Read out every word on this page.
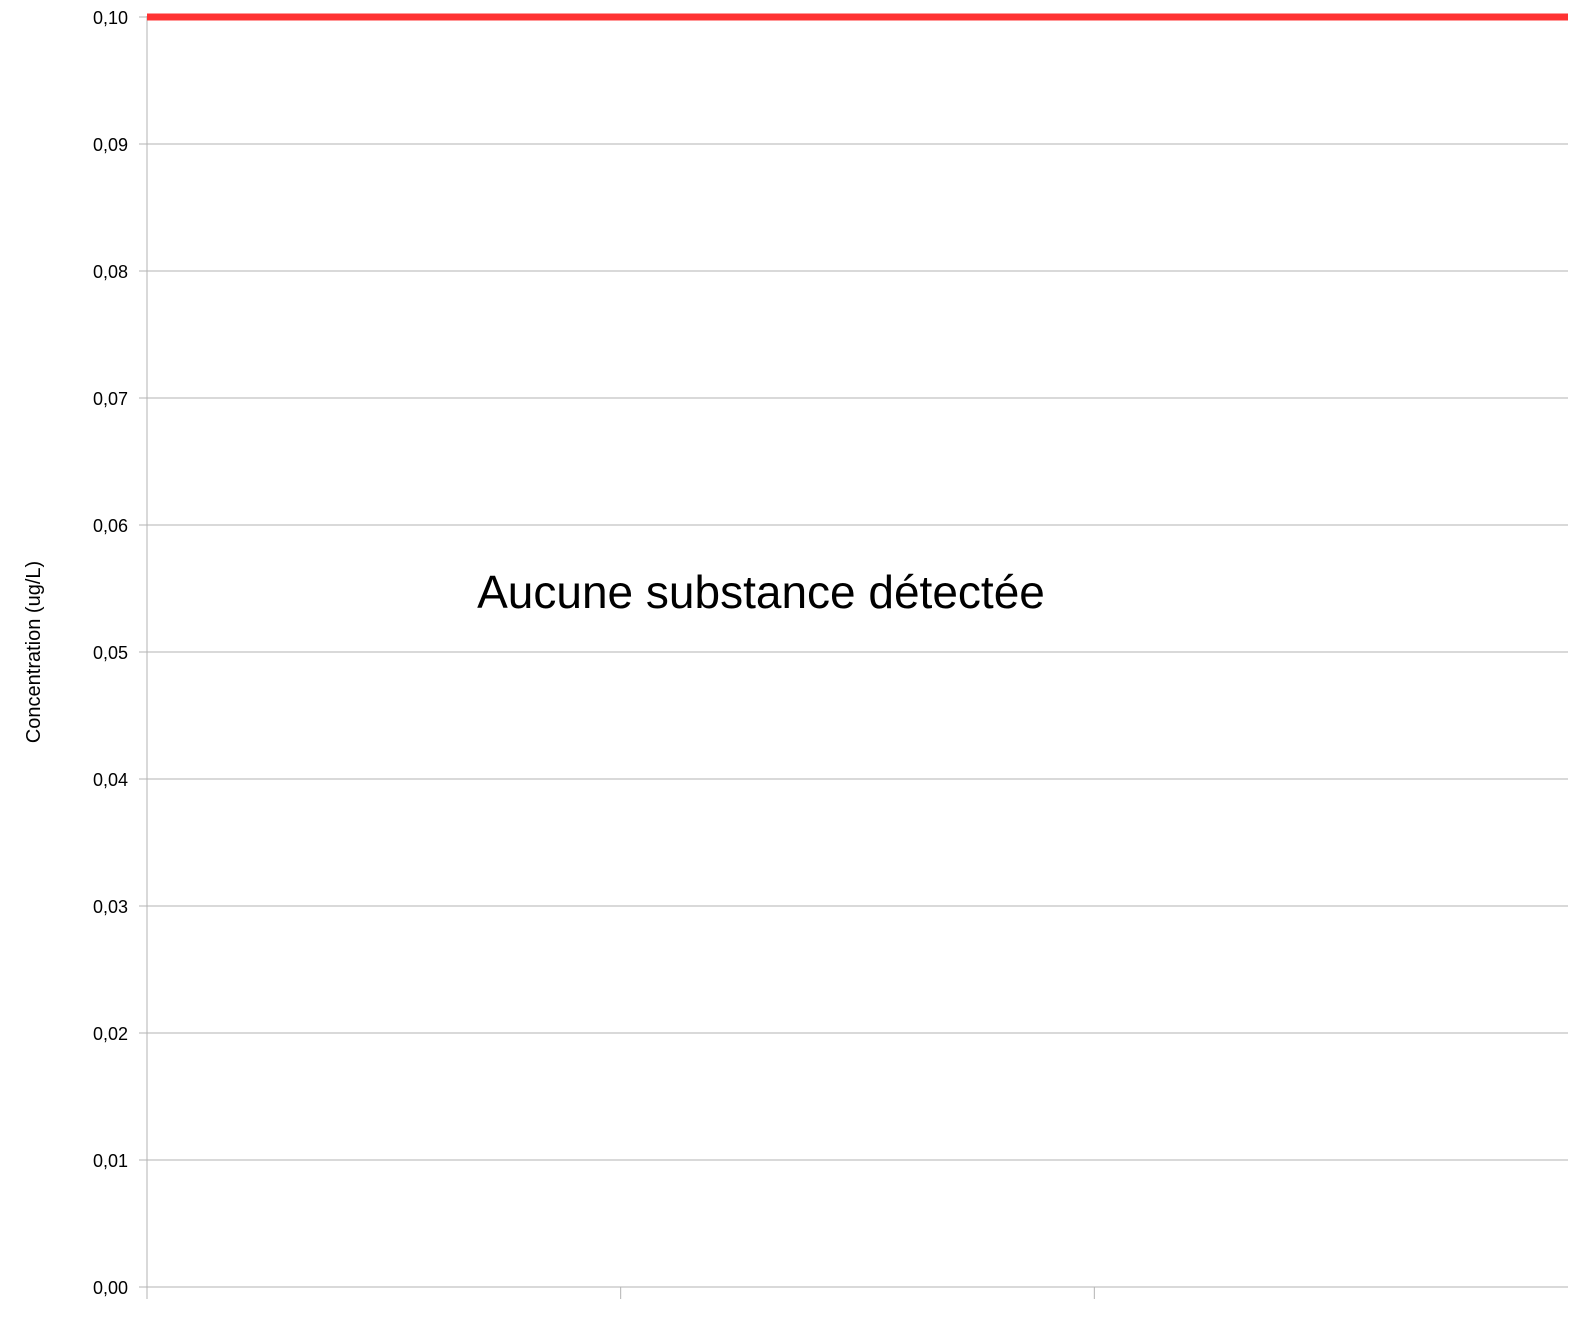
0,00
0,01
0,02
0,03
0,04
0,05
0,06
0,07
0,08
0,09
0,10
Concentration (ug/L)	Aucune substance détectée
